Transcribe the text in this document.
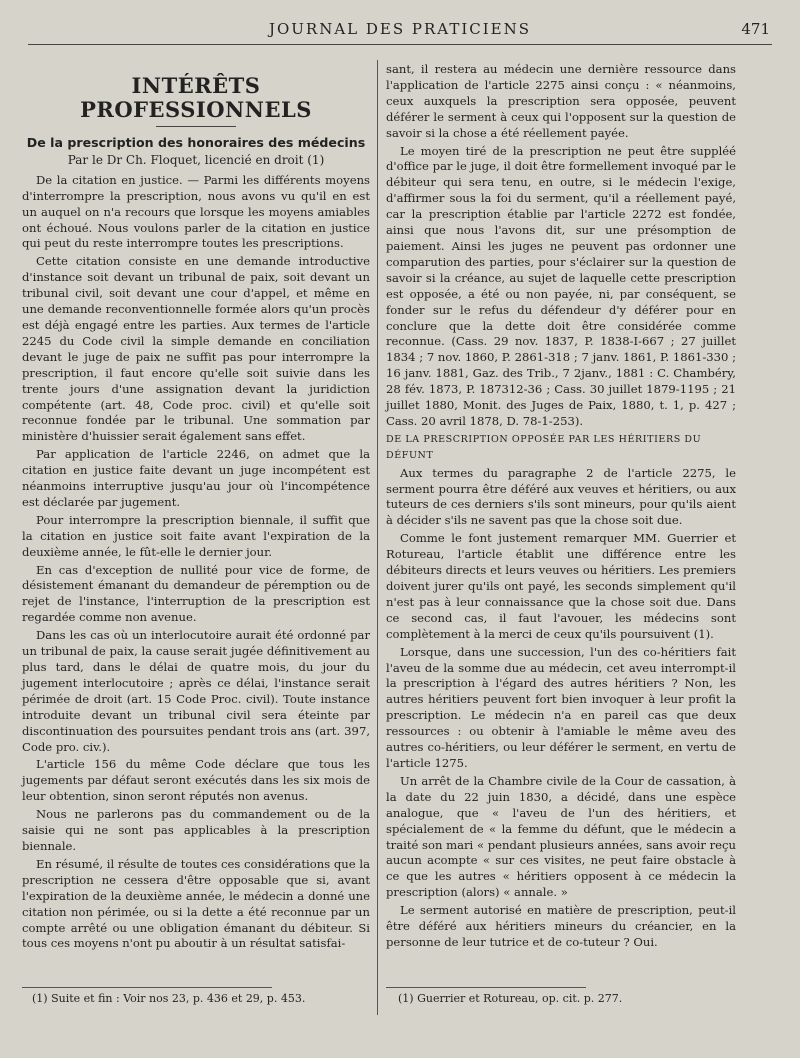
JOURNAL DES PRATICIENS	471
INTÉRÊTS PROFESSIONNELS
De la prescription des honoraires des médecins
Par le Dr Ch. Floquet, licencié en droit (1)

De la citation en justice. — Parmi les différents moyens d'interrompre la prescription, nous avons vu qu'il en est un auquel on n'a recours que lorsque les moyens amiables ont échoué. Nous voulons parler de la citation en justice qui peut du reste interrompre toutes les prescriptions.

Cette citation consiste en une demande introductive d'instance soit devant un tribunal de paix, soit devant un tribunal civil, soit devant une cour d'appel, et même en une demande reconventionnelle formée alors qu'un procès est déjà engagé entre les parties. Aux termes de l'article 2245 du Code civil la simple demande en conciliation devant le juge de paix ne suffit pas pour interrompre la prescription, il faut encore qu'elle soit suivie dans les trente jours d'une assignation devant la juridiction compétente (art. 48, Code proc. civil) et qu'elle soit reconnue fondée par le tribunal. Une sommation par ministère d'huissier serait également sans effet.

Par application de l'article 2246, on admet que la citation en justice faite devant un juge incompétent est néanmoins interruptive jusqu'au jour où l'incompétence est déclarée par jugement.

Pour interrompre la prescription biennale, il suffit que la citation en justice soit faite avant l'expiration de la deuxième année, le fût-elle le dernier jour.

En cas d'exception de nullité pour vice de forme, de désistement émanant du demandeur de péremption ou de rejet de l'instance, l'interruption de la prescription est regardée comme non avenue.

Dans les cas où un interlocutoire aurait été ordonné par un tribunal de paix, la cause serait jugée définitivement au plus tard, dans le délai de quatre mois, du jour du jugement interlocutoire ; après ce délai, l'instance serait périmée de droit (art. 15 Code Proc. civil). Toute instance introduite devant un tribunal civil sera éteinte par discontinuation des poursuites pendant trois ans (art. 397, Code pro. civ.).

L'article 156 du même Code déclare que tous les jugements par défaut seront exécutés dans les six mois de leur obtention, sinon seront réputés non avenus.

Nous ne parlerons pas du commandement ou de la saisie qui ne sont pas applicables à la prescription biennale.

En résumé, il résulte de toutes ces considérations que la prescription ne cessera d'être opposable que si, avant l'expiration de la deuxième année, le médecin a donné une citation non périmée, ou si la dette a été reconnue par un compte arrêté ou une obligation émanant du débiteur. Si tous ces moyens n'ont pu aboutir à un résultat satisfai-

sant, il restera au médecin une dernière ressource dans l'application de l'article 2275 ainsi conçu : « néanmoins, ceux auxquels la prescription sera opposée, peuvent déférer le serment à ceux qui l'opposent sur la question de savoir si la chose a été réellement payée.

Le moyen tiré de la prescription ne peut être suppléé d'office par le juge, il doit être formellement invoqué par le débiteur qui sera tenu, en outre, si le médecin l'exige, d'affirmer sous la foi du serment, qu'il a réellement payé, car la prescription établie par l'article 2272 est fondée, ainsi que nous l'avons dit, sur une présomption de paiement. Ainsi les juges ne peuvent pas ordonner une comparution des parties, pour s'éclairer sur la question de savoir si la créance, au sujet de laquelle cette prescription est opposée, a été ou non payée, ni, par conséquent, se fonder sur le refus du défendeur d'y déférer pour en conclure que la dette doit être considérée comme reconnue. (Cass. 29 nov. 1837, P. 1838-I-667 ; 27 juillet 1834 ; 7 nov. 1860, P. 2861-318 ; 7 janv. 1861, P. 1861-330 ; 16 janv. 1881, Gaz. des Trib., 7 2janv., 1881 : C. Chambéry, 28 fév. 1873, P. 187312-36 ; Cass. 30 juillet 1879-1195 ; 21 juillet 1880, Monit. des Juges de Paix, 1880, t. 1, p. 427 ; Cass. 20 avril 1878, D. 78-1-253).

DE LA PRESCRIPTION OPPOSÉE PAR LES HÉRITIERS DU DÉFUNT

Aux termes du paragraphe 2 de l'article 2275, le serment pourra être déféré aux veuves et héritiers, ou aux tuteurs de ces derniers s'ils sont mineurs, pour qu'ils aient à décider s'ils ne savent pas que la chose soit due.

Comme le font justement remarquer MM. Guerrier et Rotureau, l'article établit une différence entre les débiteurs directs et leurs veuves ou héritiers. Les premiers doivent jurer qu'ils ont payé, les seconds simplement qu'il n'est pas à leur connaissance que la chose soit due. Dans ce second cas, il faut l'avouer, les médecins sont complètement à la merci de ceux qu'ils poursuivent (1).

Lorsque, dans une succession, l'un des co-héritiers fait l'aveu de la somme due au médecin, cet aveu interrompt-il la prescription à l'égard des autres héritiers ? Non, les autres héritiers peuvent fort bien invoquer à leur profit la prescription. Le médecin n'a en pareil cas que deux ressources : ou obtenir à l'amiable le même aveu des autres co-héritiers, ou leur déférer le serment, en vertu de l'article 1275.

Un arrêt de la Chambre civile de la Cour de cassation, à la date du 22 juin 1830, a décidé, dans une espèce analogue, que « l'aveu de l'un des héritiers, et spécialement de « la femme du défunt, que le médecin a traité son mari « pendant plusieurs années, sans avoir reçu aucun acompte « sur ces visites, ne peut faire obstacle à ce que les autres « héritiers opposent à ce médecin la prescription (alors) « annale. »

Le serment autorisé en matière de prescription, peut-il être déféré aux héritiers mineurs du créancier, en la personne de leur tutrice et de co-tuteur ? Oui.

(1) Suite et fin : Voir nos 23, p. 436 et 29, p. 453.	(1) Guerrier et Rotureau, op. cit. p. 277.
